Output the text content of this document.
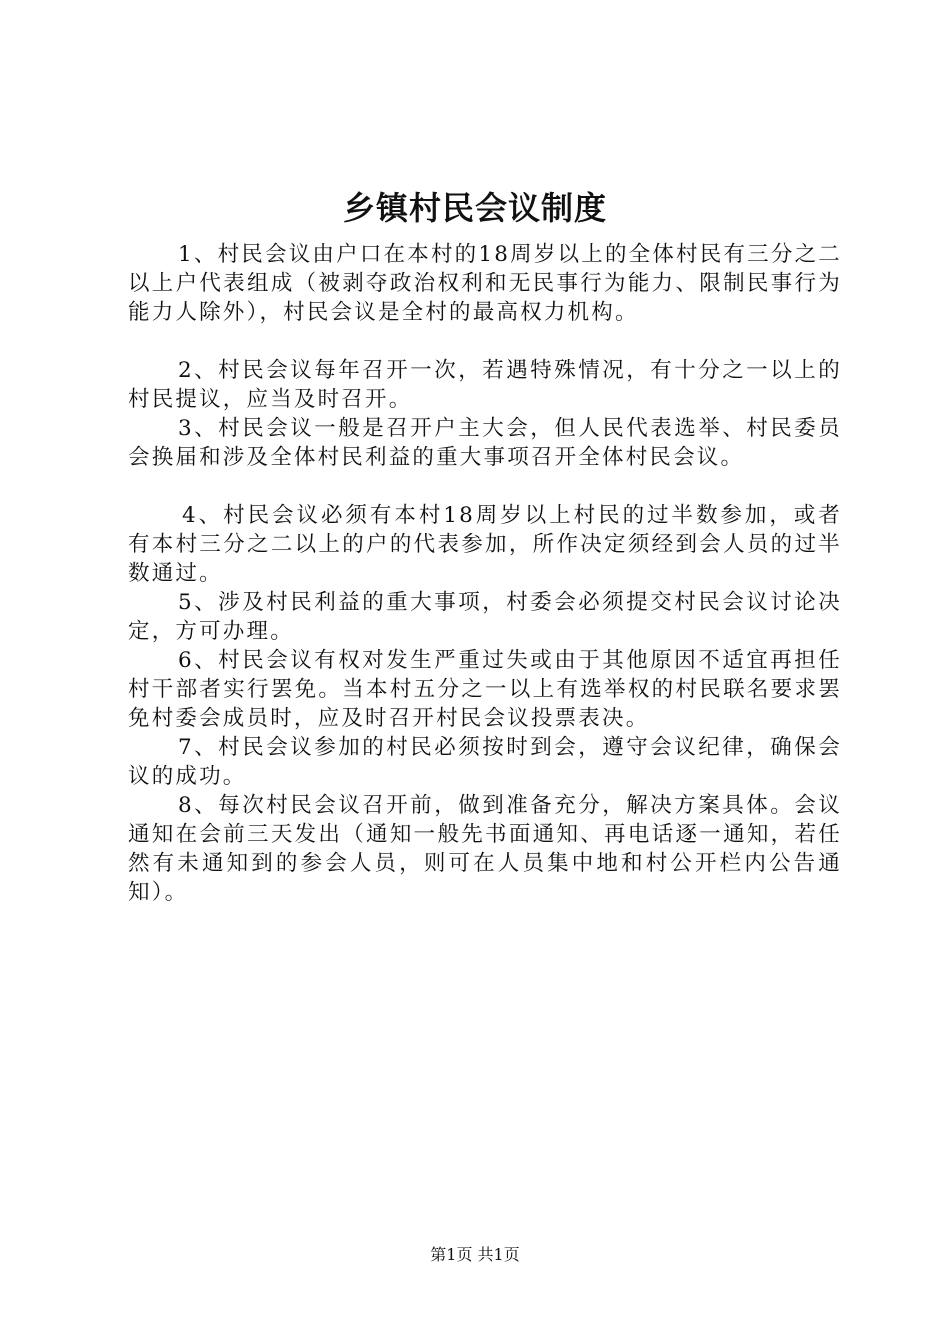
乡镇村民会议制度

1、村民会议由户口在本村的18周岁以上的全体村民有三分之二以上户代表组成（被剥夺政治权利和无民事行为能力、限制民事行为能力人除外），村民会议是全村的最高权力机构。

2、村民会议每年召开一次，若遇特殊情况，有十分之一以上的村民提议，应当及时召开。

3、村民会议一般是召开户主大会，但人民代表选举、村民委员会换届和涉及全体村民利益的重大事项召开全体村民会议。

4、村民会议必须有本村18周岁以上村民的过半数参加，或者有本村三分之二以上的户的代表参加，所作决定须经到会人员的过半数通过。

5、涉及村民利益的重大事项，村委会必须提交村民会议讨论决定，方可办理。

6、村民会议有权对发生严重过失或由于其他原因不适宜再担任村干部者实行罢免。当本村五分之一以上有选举权的村民联名要求罢免村委会成员时，应及时召开村民会议投票表决。

7、村民会议参加的村民必须按时到会，遵守会议纪律，确保会议的成功。

8、每次村民会议召开前，做到准备充分，解决方案具体。会议通知在会前三天发出（通知一般先书面通知、再电话逐一通知，若任然有未通知到的参会人员，则可在人员集中地和村公开栏内公告通知）。

第1页 共1页
